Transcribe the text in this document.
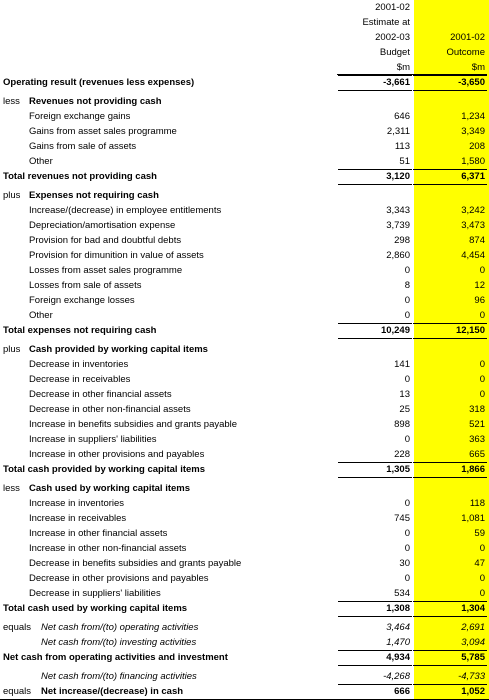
2001-02
Estimate at
2002-03
Budget
$m
2001-02
Outcome
$m
Operating result (revenues less expenses)	-3,661	-3,650
less Revenues not providing cash
Foreign exchange gains	646	1,234
Gains from asset sales programme	2,311	3,349
Gains from sale of assets	113	208
Other	51	1,580
Total revenues not providing cash	3,120	6,371
plus Expenses not requiring cash
Increase/(decrease) in employee entitlements	3,343	3,242
Depreciation/amortisation expense	3,739	3,473
Provision for bad and doubtful debts	298	874
Provision for dimunition in value of assets	2,860	4,454
Losses from asset sales programme	0	0
Losses from sale of assets	8	12
Foreign exchange losses	0	96
Other	0	0
Total expenses not requiring cash	10,249	12,150
plus Cash provided by working capital items
Decrease in inventories	141	0
Decrease in receivables	0	0
Decrease in other financial assets	13	0
Decrease in other non-financial assets	25	318
Increase in benefits subsidies and grants payable	898	521
Increase in suppliers' liabilities	0	363
Increase in other provisions and payables	228	665
Total cash provided by working capital items	1,305	1,866
less Cash used by working capital items
Increase in inventories	0	118
Increase in receivables	745	1,081
Increase in other financial assets	0	59
Increase in other non-financial assets	0	0
Decrease in benefits subsidies and grants payable	30	47
Decrease in other provisions and payables	0	0
Decrease in suppliers' liabilities	534	0
Total cash used by working capital items	1,308	1,304
equals Net cash from/(to) operating activities	3,464	2,691
Net cash from/(to) investing activities	1,470	3,094
Net cash from operating activities and investment	4,934	5,785
Net cash from/(to) financing activities	-4,268	-4,733
equals Net increase/(decrease) in cash	666	1,052
